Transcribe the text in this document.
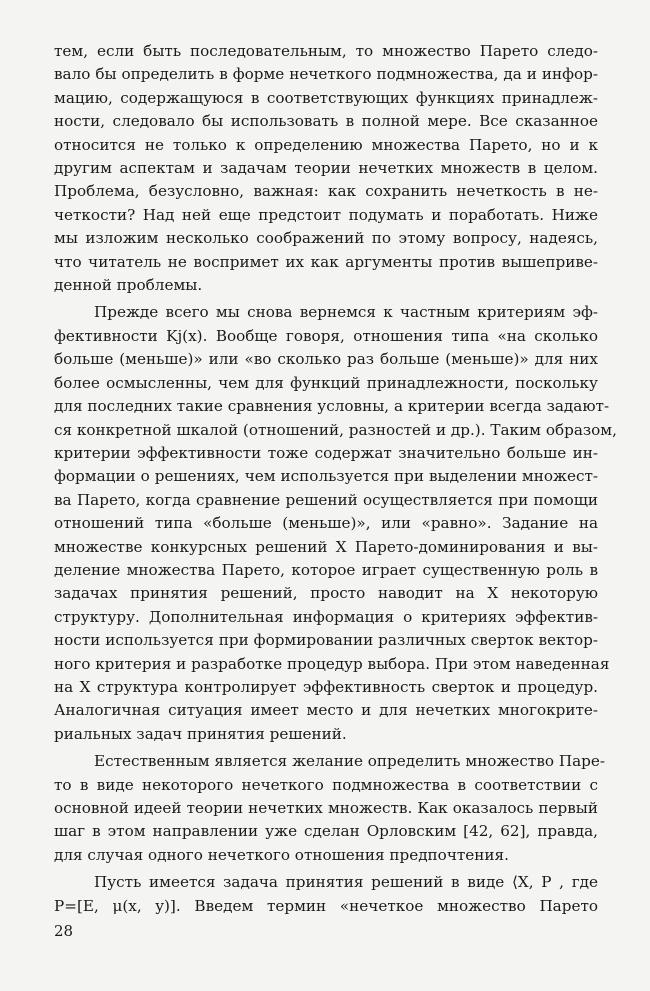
тем, если быть последовательным, то множество Парето следо-
вало бы определить в форме нечеткого подмножества, да и инфор-
мацию, содержащуюся в соответствующих функциях принадлеж-
ности, следовало бы использовать в полной мере. Все сказанное
относится не только к определению множества Парето, но и к
другим аспектам и задачам теории нечетких множеств в целом.
Проблема, безусловно, важная: как сохранить нечеткость в не-
четкости? Над ней еще предстоит подумать и поработать. Ниже
мы изложим несколько соображений по этому вопросу, надеясь,
что читатель не воспримет их как аргументы против вышеприве-
денной проблемы.

Прежде всего мы снова вернемся к частным критериям эф-
фективности Kj(x). Вообще говоря, отношения типа «на сколько
больше (меньше)» или «во сколько раз больше (меньше)» для них
более осмысленны, чем для функций принадлежности, поскольку
для последних такие сравнения условны, а критерии всегда задают-
ся конкретной шкалой (отношений, разностей и др.). Таким образом,
критерии эффективности тоже содержат значительно больше ин-
формации о решениях, чем используется при выделении множест-
ва Парето, когда сравнение решений осуществляется при помощи
отношений типа «больше (меньше)», или «равно». Задание на
множестве конкурсных решений X Парето-доминирования и вы-
деление множества Парето, которое играет существенную роль в
задачах принятия решений, просто наводит на X некоторую
структуру. Дополнительная информация о критериях эффектив-
ности используется при формировании различных сверток вектор-
ного критерия и разработке процедур выбора. При этом наведенная
на X структура контролирует эффективность сверток и процедур.
Аналогичная ситуация имеет место и для нечетких многокрите-
риальных задач принятия решений.

Естественным является желание определить множество Паре-
то в виде некоторого нечеткого подмножества в соответствии с
основной идеей теории нечетких множеств. Как оказалось первый
шаг в этом направлении уже сделан Орловским [42, 62], правда,
для случая одного нечеткого отношения предпочтения.

Пусть имеется задача принятия решений в виде ⟨X, P , где
P=[E, μ(x, y)]. Введем термин «нечеткое множество Парето

28
